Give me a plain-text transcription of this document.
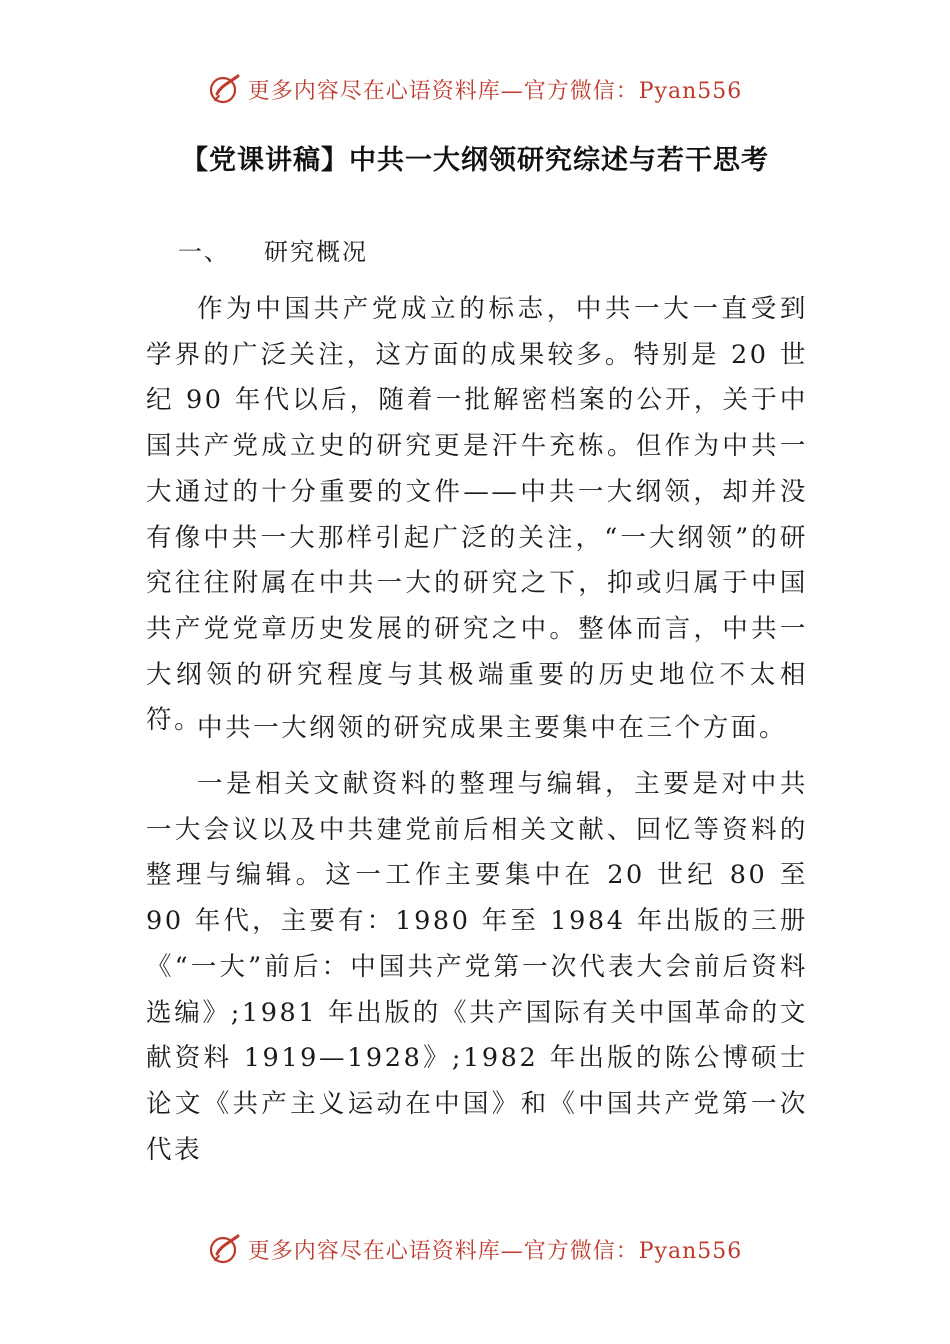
更多内容尽在心语资料库—官方微信：Pyan556
【党课讲稿】中共一大纲领研究综述与若干思考
一、 研究概况

作为中国共产党成立的标志，中共一大一直受到学界的广泛关注，这方面的成果较多。特别是 20 世纪 90 年代以后，随着一批解密档案的公开，关于中国共产党成立史的研究更是汗牛充栋。但作为中共一大通过的十分重要的文件——中共一大纲领，却并没有像中共一大那样引起广泛的关注，“一大纲领”的研究往往附属在中共一大的研究之下，抑或归属于中国共产党党章历史发展的研究之中。整体而言，中共一大纲领的研究程度与其极端重要的历史地位不太相符。

中共一大纲领的研究成果主要集中在三个方面。

一是相关文献资料的整理与编辑，主要是对中共一大会议以及中共建党前后相关文献、回忆等资料的整理与编辑。这一工作主要集中在 20 世纪 80 至 90 年代，主要有：1980 年至 1984 年出版的三册《“一大”前后：中国共产党第一次代表大会前后资料选编》;1981 年出版的《共产国际有关中国革命的文献资料 1919—1928》;1982 年出版的陈公博硕士论文《共产主义运动在中国》和《中国共产党第一次代表

更多内容尽在心语资料库—官方微信：Pyan556
